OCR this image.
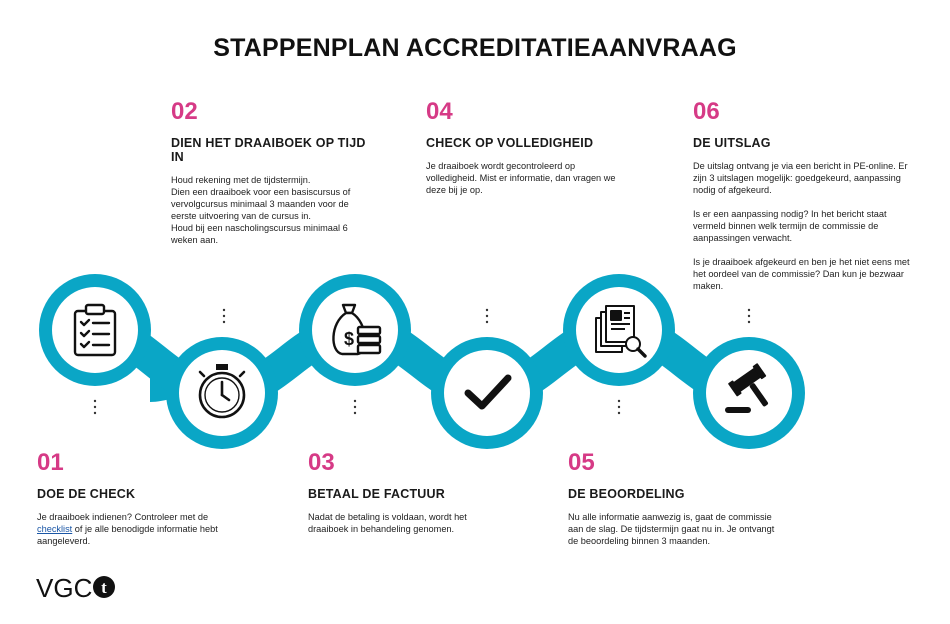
STAPPENPLAN ACCREDITATIEAANVRAAG
$
02
DIEN HET DRAAIBOEK OP TIJD IN

Houd rekening met de tijdstermijn.

Dien een draaiboek voor een basiscursus of vervolgcursus minimaal 3 maanden voor de eerste uitvoering van de cursus in.

Houd bij een nascholingscursus minimaal 6 weken aan.

04
CHECK OP VOLLEDIGHEID

Je draaiboek wordt gecontroleerd op volledigheid. Mist er informatie, dan vragen we deze bij je op.

06
DE UITSLAG

De uitslag ontvang je via een bericht in PE-online. Er zijn 3 uitslagen mogelijk: goedgekeurd, aanpassing nodig of afgekeurd.

Is er een aanpassing nodig? In het bericht staat vermeld binnen welk termijn de commissie de aanpassingen verwacht.

Is je draaiboek afgekeurd en ben je het niet eens met het oordeel van de commissie? Dan kun je bezwaar maken.

01
DOE DE CHECK

Je draaiboek indienen? Controleer met de checklist of je alle benodigde informatie hebt aangeleverd.

03
BETAAL DE FACTUUR

Nadat de betaling is voldaan, wordt het draaiboek in behandeling genomen.

05
DE BEOORDELING

Nu alle informatie aanwezig is, gaat de commissie aan de slag. De tijdstermijn gaat nu in. Je ontvangt de beoordeling binnen 3 maanden.

VGC t
